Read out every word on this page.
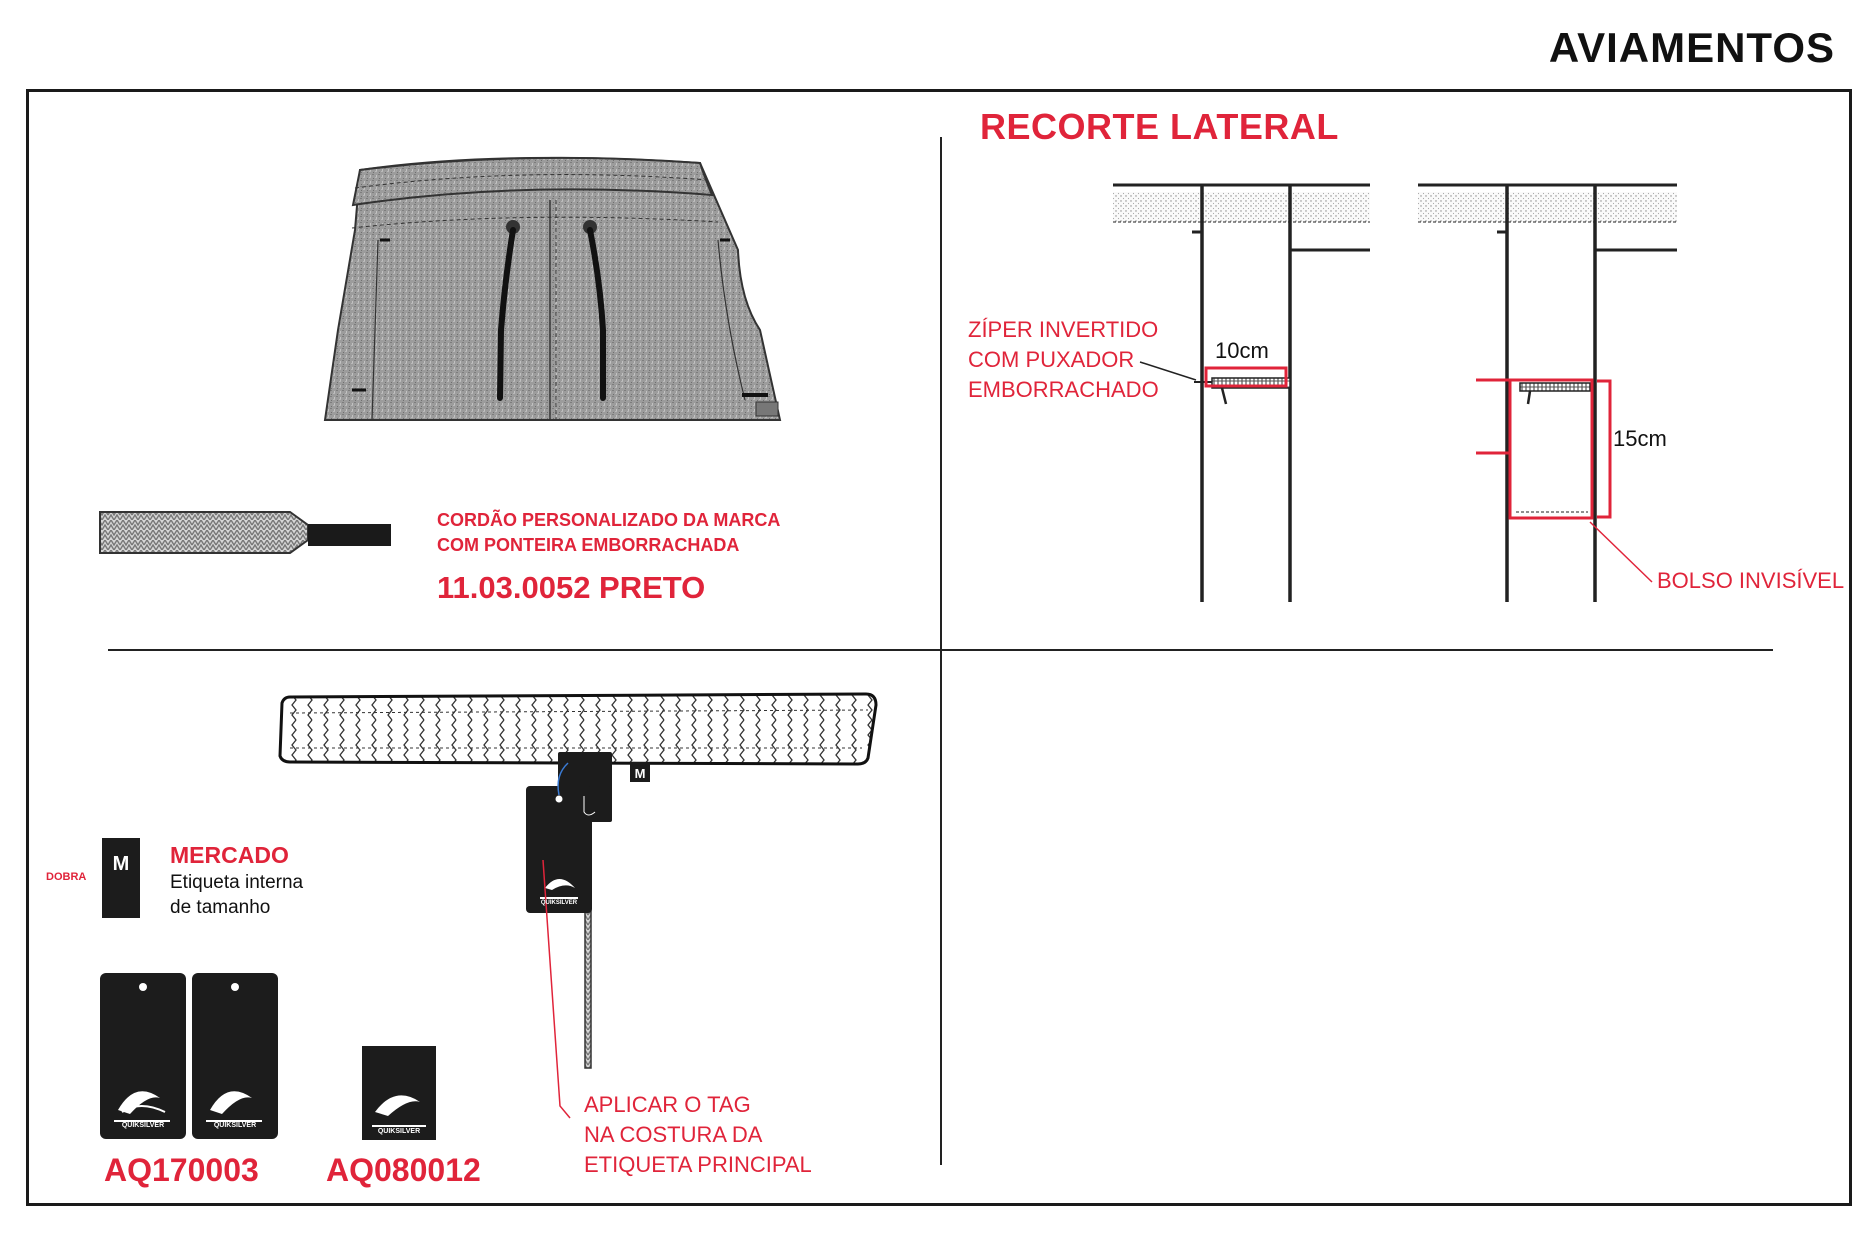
AVIAMENTOS
M
M
CORDÃO PERSONALIZADO DA MARCA
COM PONTEIRA EMBORRACHADA
11.03.0052 PRETO
RECORTE LATERAL
ZÍPER INVERTIDO
COM PUXADOR
EMBORRACHADO
10cm
15cm
BOLSO INVISÍVEL
DOBRA
MERCADO
Etiqueta interna
de tamanho
AQ170003 AQ080012
QUIKSILVER	QUIKSILVER
QUIKSILVER
QUIKSILVER
APLICAR O TAG
NA COSTURA DA
ETIQUETA PRINCIPAL
